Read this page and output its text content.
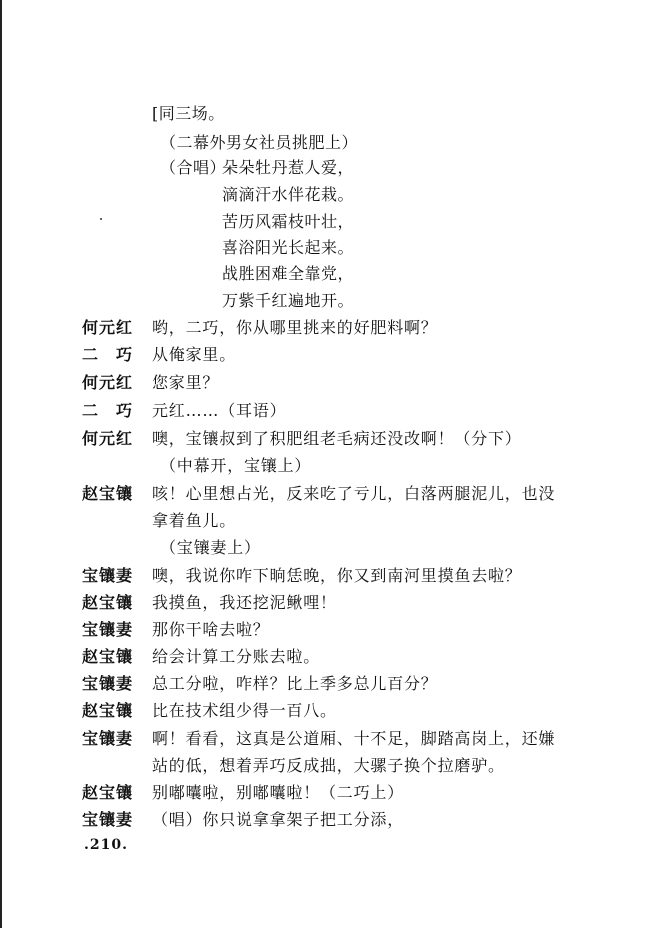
[同三场。
（二幕外男女社员挑肥上）
（合唱）
朵朵牡丹惹人爱，
滴滴汗水伴花栽。
苦历风霜枝叶壮，
喜浴阳光长起来。
战胜困难全靠党，
万紫千红遍地开。
何元红 哟，二巧，你从哪里挑来的好肥料啊？
二　巧 从俺家里。
何元红 您家里？
二　巧 元红……（耳语）
何元红 噢，宝镶叔到了积肥组老毛病还没改啊！（分下）
（中幕开，宝镶上）
赵宝镶 咳！心里想占光，反来吃了亏儿，白落两腿泥儿，也没
拿着鱼儿。
（宝镶妻上）
宝镶妻 噢，我说你咋下晌恁晚，你又到南河里摸鱼去啦？
赵宝镶 我摸鱼，我还挖泥鳅哩！
宝镶妻 那你干啥去啦？
赵宝镶 给会计算工分账去啦。
宝镶妻 总工分啦，咋样？比上季多总儿百分？
赵宝镶 比在技术组少得一百八。
宝镶妻 啊！看看，这真是公道厢、十不足，脚踏高岗上，还嫌
站的低，想着弄巧反成拙，大骡子换个拉磨驴。
赵宝镶 别嘟囔啦，别嘟囔啦！（二巧上）
宝镶妻 （唱）你只说拿拿架子把工分添，
.210.
